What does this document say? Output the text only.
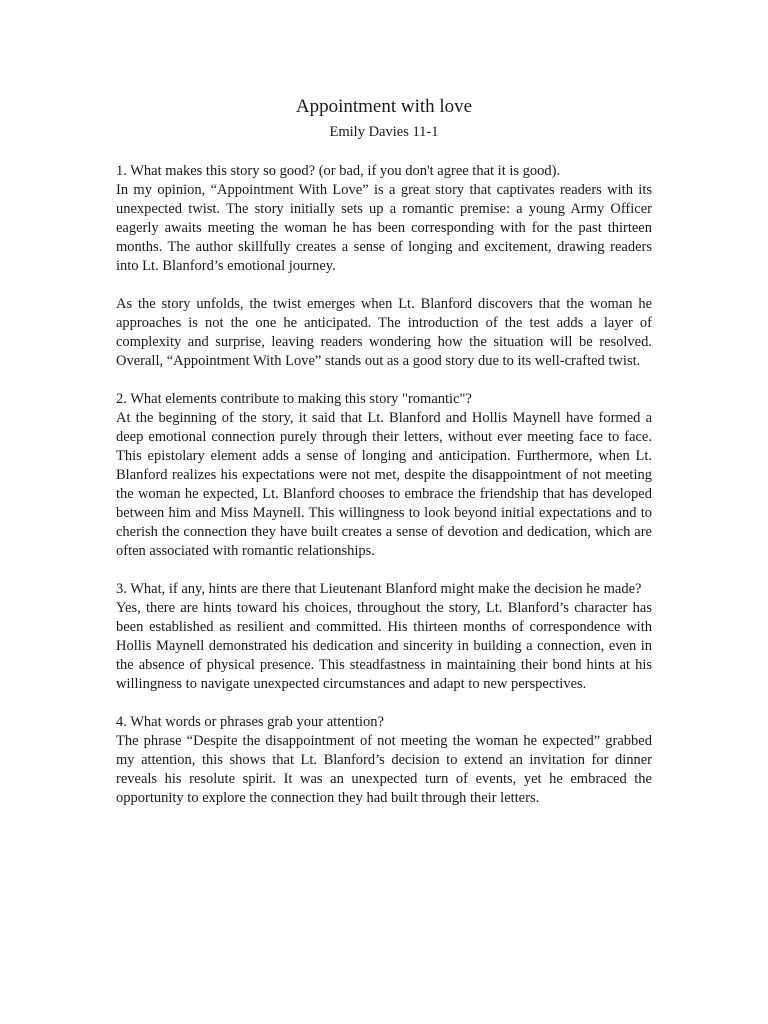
Appointment with love
Emily Davies 11-1

1. What makes this story so good? (or bad, if you don't agree that it is good).

In my opinion, “Appointment With Love” is a great story that captivates readers with its unexpected twist. The story initially sets up a romantic premise: a young Army Officer eagerly awaits meeting the woman he has been corresponding with for the past thirteen months. The author skillfully creates a sense of longing and excitement, drawing readers into Lt. Blanford’s emotional journey.

As the story unfolds, the twist emerges when Lt. Blanford discovers that the woman he approaches is not the one he anticipated. The introduction of the test adds a layer of complexity and surprise, leaving readers wondering how the situation will be resolved. Overall, “Appointment With Love” stands out as a good story due to its well-crafted twist.

2. What elements contribute to making this story "romantic"?

At the beginning of the story, it said that Lt. Blanford and Hollis Maynell have formed a deep emotional connection purely through their letters, without ever meeting face to face. This epistolary element adds a sense of longing and anticipation. Furthermore, when Lt. Blanford realizes his expectations were not met, despite the disappointment of not meeting the woman he expected, Lt. Blanford chooses to embrace the friendship that has developed between him and Miss Maynell. This willingness to look beyond initial expectations and to cherish the connection they have built creates a sense of devotion and dedication, which are often associated with romantic relationships.

3. What, if any, hints are there that Lieutenant Blanford might make the decision he made?

Yes, there are hints toward his choices, throughout the story, Lt. Blanford’s character has been established as resilient and committed. His thirteen months of correspondence with Hollis Maynell demonstrated his dedication and sincerity in building a connection, even in the absence of physical presence. This steadfastness in maintaining their bond hints at his willingness to navigate unexpected circumstances and adapt to new perspectives.

4. What words or phrases grab your attention?

The phrase “Despite the disappointment of not meeting the woman he expected” grabbed my attention, this shows that Lt. Blanford’s decision to extend an invitation for dinner reveals his resolute spirit. It was an unexpected turn of events, yet he embraced the opportunity to explore the connection they had built through their letters.
